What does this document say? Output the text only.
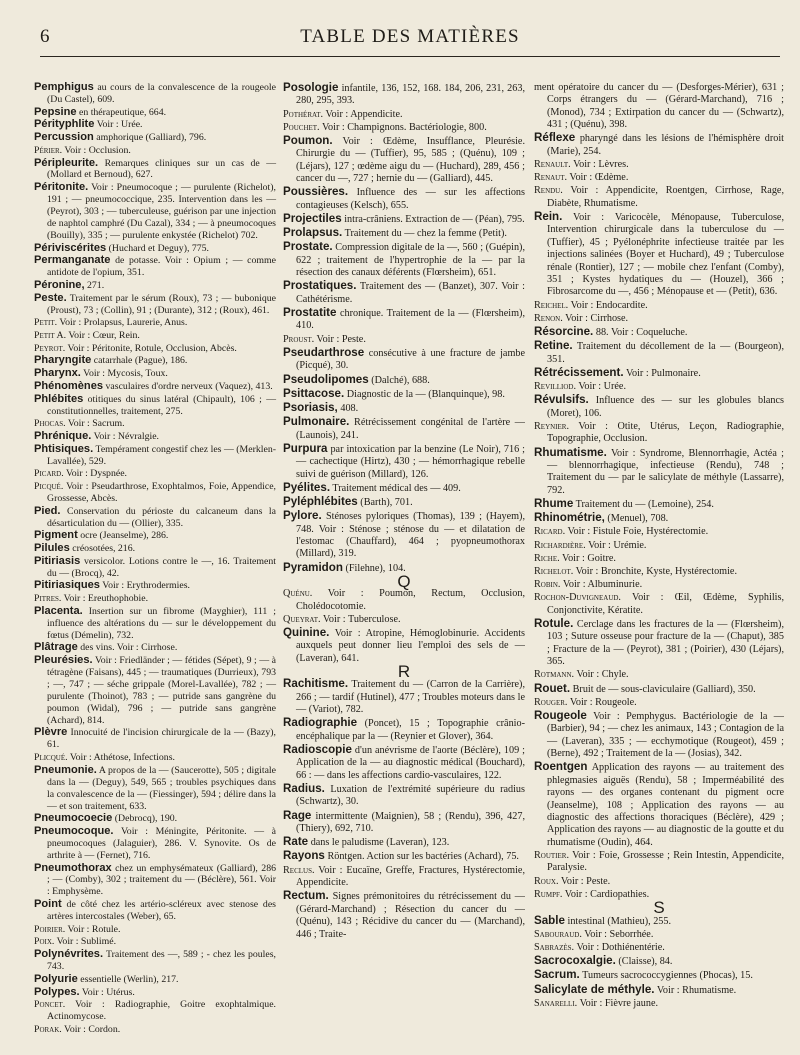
6	TABLE DES MATIÈRES
Pemphigus au cours de la convalescence de la rougeole (Du Castel), 609.
Pepsine en thérapeutique, 664.
Pérityphlite Voir : Urée.
Percussion amphorique (Galliard), 796.
Périer. Voir : Occlusion.
Péripleurite. Remarques cliniques sur un cas de — (Mollard et Bernoud), 627.
Péritonite. Voir : Pneumocoque ; — purulente (Richelot), 191 ; — pneumococcique, 235. Intervention dans les — (Peyrot), 303 ; — tuberculeuse, guérison par une injection de naphtol camphré (Du Cazal), 334 ; — à pneumocoques (Bouilly), 335 ; — purulente enkystée (Richelot) 702.
Périviscérites (Huchard et Deguy), 775.
Permanganate de potasse. Voir : Opium ; — comme antidote de l'opium, 351.
Péronine, 271.
Peste. Traitement par le sérum (Roux), 73 ; — bubonique (Proust), 73 ; (Collin), 91 ; (Durante), 312 ; (Roux), 461.
Petit. Voir : Prolapsus, Laurerie, Anus.
Petit A. Voir : Cœur, Rein.
Peyrot. Voir : Péritonite, Rotule, Occlusion, Abcès.
Pharyngite catarrhale (Pague), 186.
Pharynx. Voir : Mycosis, Toux.
Phénomènes vasculaires d'ordre nerveux (Vaquez), 413.
Phlébites otitiques du sinus latéral (Chipault), 106 ; — constitutionnelles, traitement, 275.
Phocas. Voir : Sacrum.
Phrénique. Voir : Névralgie.
Phtisiques. Tempérament congestif chez les — (Merklen-Lavallée), 529.
Picard. Voir : Dyspnée.
Picqué. Voir : Pseudarthrose, Exophtalmos, Foie, Appendice, Grossesse, Abcès.
Pied. Conservation du périoste du calcaneum dans la désarticulation du — (Ollier), 335.
Pigment ocre (Jeanselme), 286.
Pilules créosotées, 216.
Pitiriasis versicolor. Lotions contre le —, 16. Traitement du — (Brocq), 42.
Pitiriasiques Voir : Erythrodermies.
Pitres. Voir : Ereuthophobie.
Placenta. Insertion sur un fibrome (Mayghier), 111 ; influence des altérations du — sur le développement du fœtus (Démelin), 732.
Plâtrage des vins. Voir : Cirrhose.
Pleurésies. Voir : Friedländer ; — fétides (Sépet), 9 ; — à tétragène (Faisans), 445 ; — traumatiques (Durrieux), 793 ; —, 747 ; — séche grippale (Morel-Lavallée), 782 ; — purulente (Thoinot), 783 ; — putride sans gangrène du poumon (Widal), 796 ; — putride sans gangrène (Achard), 814.
Plèvre Innocuité de l'incision chirurgicale de la — (Bazy), 61.
Plicqué. Voir : Athétose, Infections.
Pneumonie. A propos de la — (Saucerotte), 505 ; digitale dans la — (Deguy), 549, 565 ; troubles psychiques dans la convalescence de la — (Fiessinger), 594 ; délire dans la — et son traitement, 633.
Pneumocoecie (Debrocq), 190.
Pneumocoque. Voir : Méningite, Péritonite. — à pneumocoques (Jalaguier), 286. V. Synovite. Os de arthrite à — (Fernet), 716.
Pneumothorax chez un emphysémateux (Galliard), 286 ; — (Comby), 302 ; traitement du — (Béclère), 561. Voir : Emphysème.
Point de côté chez les artério-scléreux avec stenose des artères intercostales (Weber), 65.
Poirier. Voir : Rotule.
Poix. Voir : Sublimé.
Polynévrites. Traitement des —, 589 ; - chez les poules, 743.
Polyurie essentielle (Werlin), 217.
Polypes. Voir : Utérus.
Poncet. Voir : Radiographie, Goitre exophtalmique. Actinomycose.
Porak. Voir : Cordon.
Posologie infantile, 136, 152, 168. 184, 206, 231, 263, 280, 295, 393.
Pothérat. Voir : Appendicite.
Pouchet. Voir : Champignons. Bactériologie, 800.
Poumon. Voir : Œdème, Insufflance, Pleurésie. Chirurgie du — (Tuffier), 95, 585 ; (Quénu), 109 ; (Léjars), 127 ; œdème aigu du — (Huchard), 289, 456 ; cancer du —, 727 ; hernie du — (Galliard), 445.
Poussières. Influence des — sur les affections contagieuses (Kelsch), 655.
Projectiles intra-crâniens. Extraction de — (Péan), 795.
Prolapsus. Traitement du — chez la femme (Petit).
Prostate. Compression digitale de la —, 560 ; (Guépin), 622 ; traitement de l'hypertrophie de la — par la résection des canaux déférents (Flœrsheim), 651.
Prostatiques. Traitement des — (Banzet), 307. Voir : Cathétérisme.
Prostatite chronique. Traitement de la — (Flœrsheim), 410.
Proust. Voir : Peste.
Pseudarthrose consécutive à une fracture de jambe (Picqué), 30.
Pseudolipomes (Dalché), 688.
Psittacose. Diagnostic de la — (Blanquinque), 98.
Psoriasis, 408.
Pulmonaire. Rétrécissement congénital de l'artère — (Launois), 241.
Purpura par intoxication par la benzine (Le Noir), 716 ; — cachectique (Hirtz), 430 ; — hémorrhagique rebelle suivi de guérison (Millard), 126.
Pyélites. Traitement médical des — 409.
Pyléphlébites (Barth), 701.
Pylore. Sténoses pyloriques (Thomas), 139 ; (Hayem), 748. Voir : Sténose ; sténose du — et dilatation de l'estomac (Chauffard), 464 ; pyopneumothorax (Millard), 319.
Pyramidon (Filehne), 104.
Q
Quénu. Voir : Poumon, Rectum, Occlusion, Cholédocotomie.
Queyrat. Voir : Tuberculose.
Quinine. Voir : Atropine, Hémoglobinurie. Accidents auxquels peut donner lieu l'emploi des sels de — (Laveran), 641.
R
Rachitisme. Traitement du — (Carron de la Carrière), 266 ; — tardif (Hutinel), 477 ; Troubles moteurs dans le — (Variot), 782.
Radiographie (Poncet), 15 ; Topographie crânio-encéphalique par la — (Reynier et Glover), 364.
Radioscopie d'un anévrisme de l'aorte (Béclère), 109 ; Application de la — au diagnostic médical (Bouchard), 66 : — dans les affections cardio-vasculaires, 122.
Radius. Luxation de l'extrémité supérieure du radius (Schwartz), 30.
Rage intermittente (Maignien), 58 ; (Rendu), 396, 427, (Thiery), 692, 710.
Rate dans le paludisme (Laveran), 123.
Rayons Röntgen. Action sur les bactéries (Achard), 75.
Reclus. Voir : Eucaïne, Greffe, Fractures, Hystérectomie, Appendicite.
Rectum. Signes prémonitoires du rétrécissement du — (Gérard-Marchand) ; Résection du cancer du — (Quénu), 143 ; Récidive du cancer du — (Marchand), 446 ; Traite-
ment opératoire du cancer du — (Desforges-Mérier), 631 ; Corps étrangers du — (Gérard-Marchand), 716 ; (Monod), 734 ; Extirpation du cancer du — (Schwartz), 431 ; (Quénu), 398.
Réflexe pharyngé dans les lésions de l'hémisphère droit (Marie), 254.
Renault. Voir : Lèvres.
Renaut. Voir : Œdème.
Rendu. Voir : Appendicite, Roentgen, Cirrhose, Rage, Diabète, Rhumatisme.
Rein. Voir : Varicocèle, Ménopause, Tuberculose, Intervention chirurgicale dans la tuberculose du — (Tuffier), 45 ; Pyélonéphrite infectieuse traitée par les injections salinées (Boyer et Huchard), 49 ; Tuberculose rénale (Rontier), 127 ; — mobile chez l'enfant (Comby), 351 ; Kystes hydatiques du — (Houzel), 366 ; Fibrosarcome du —, 456 ; Ménopause et — (Petit), 636.
Reichel. Voir : Endocardite.
Renon. Voir : Cirrhose.
Résorcine. 88. Voir : Coqueluche.
Retine. Traitement du décollement de la — (Bourgeon), 351.
Rétrécissement. Voir : Pulmonaire.
Revilliod. Voir : Urée.
Révulsifs. Influence des — sur les globules blancs (Moret), 106.
Reynier. Voir : Otite, Utérus, Leçon, Radiographie, Topographie, Occlusion.
Rhumatisme. Voir : Syndrome, Blennorrhagie, Actéa ; — blennorrhagique, infectieuse (Rendu), 748 ; Traitement du — par le salicylate de méthyle (Lassarre), 792.
Rhume Traitement du — (Lemoine), 254.
Rhinométrie, (Menuel), 708.
Ricard. Voir : Fistule Foie, Hystérectomie.
Richardière. Voir : Urémie.
Riche. Voir : Goitre.
Richelot. Voir : Bronchite, Kyste, Hystérectomie.
Robin. Voir : Albuminurie.
Rochon-Duvigneaud. Voir : Œil, Œdème, Syphilis, Conjonctivite, Kératite.
Rotule. Cerclage dans les fractures de la — (Flœrsheim), 103 ; Suture osseuse pour fracture de la — (Chaput), 385 ; Fracture de la — (Peyrot), 381 ; (Poirier), 430 (Léjars), 365.
Rotmann. Voir : Chyle.
Rouet. Bruit de — sous-claviculaire (Galliard), 350.
Rouger. Voir : Rougeole.
Rougeole Voir : Pemphygus. Bactériologie de la — (Barbier), 94 ; — chez les animaux, 143 ; Contagion de la — (Laveran), 335 ; — ecchymotique (Rougeot), 459 ; (Berne), 492 ; Traitement de la — (Josias), 342.
Roentgen Application des rayons — au traitement des phlegmasies aiguës (Rendu), 58 ; Imperméabilité des rayons — des organes contenant du pigment ocre (Jeanselme), 108 ; Application des rayons — au diagnostic des affections thoraciques (Béclère), 429 ; Application des rayons — au diagnostic de la goutte et du rhumatisme (Oudin), 464.
Routier. Voir : Foie, Grossesse ; Rein Intestin, Appendicite, Paralysie.
Roux. Voir : Peste.
Rumpf. Voir : Cardiopathies.
S
Sable intestinal (Mathieu), 255.
Sabouraud. Voir : Seborrhée.
Sabrazès. Voir : Dothiénentérie.
Sacrocoxalgie. (Claisse), 84.
Sacrum. Tumeurs sacrococcygiennes (Phocas), 15.
Salicylate de méthyle. Voir : Rhumatisme.
Sanarelli. Voir : Fièvre jaune.
